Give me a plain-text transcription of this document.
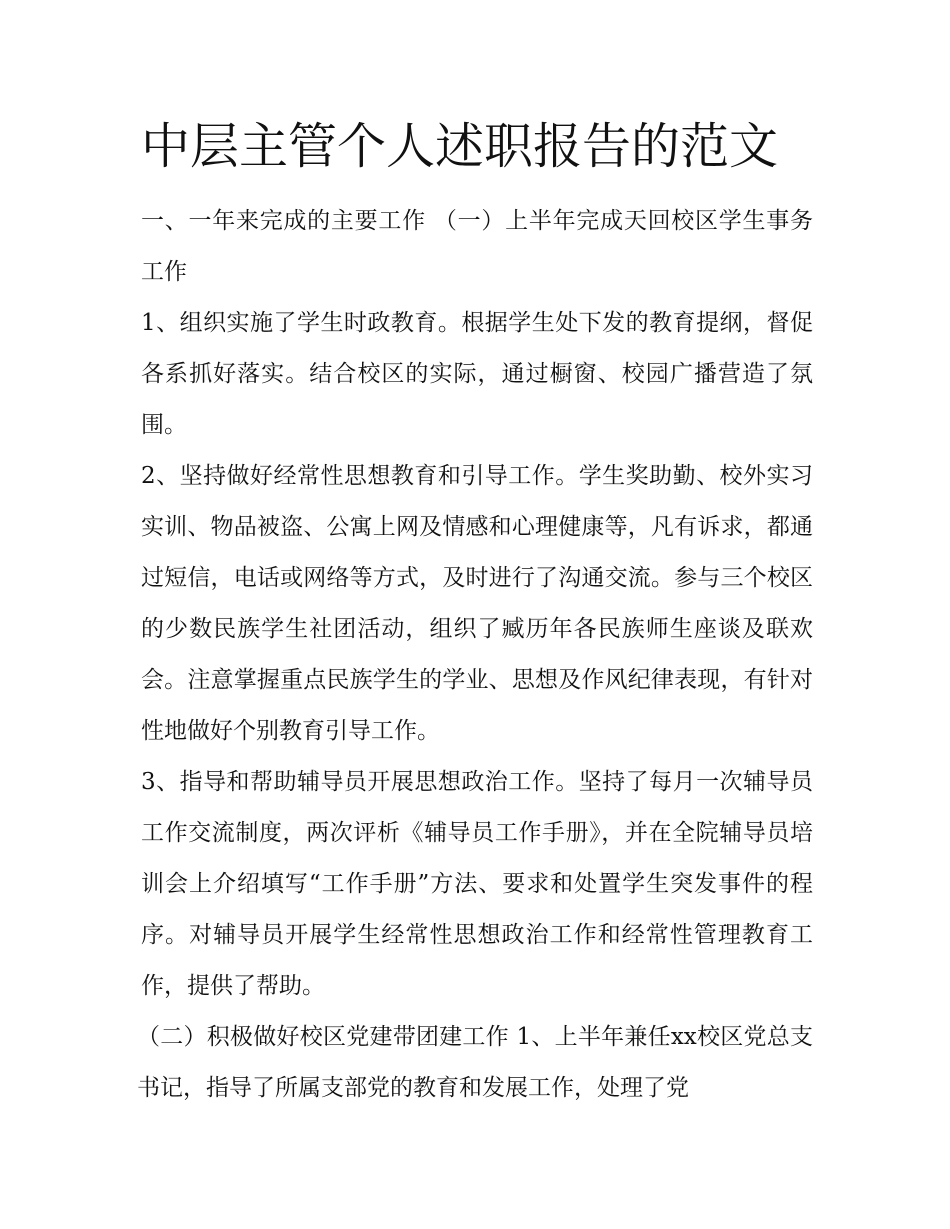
中层主管个人述职报告的范文

一、一年来完成的主要工作 （一）上半年完成天回校区学生事务工作

1、组织实施了学生时政教育。根据学生处下发的教育提纲，督促各系抓好落实。结合校区的实际，通过橱窗、校园广播营造了氛围。

2、坚持做好经常性思想教育和引导工作。学生奖助勤、校外实习实训、物品被盗、公寓上网及情感和心理健康等，凡有诉求，都通过短信，电话或网络等方式，及时进行了沟通交流。参与三个校区的少数民族学生社团活动，组织了臧历年各民族师生座谈及联欢会。注意掌握重点民族学生的学业、思想及作风纪律表现，有针对性地做好个别教育引导工作。

3、指导和帮助辅导员开展思想政治工作。坚持了每月一次辅导员工作交流制度，两次评析《辅导员工作手册》，并在全院辅导员培训会上介绍填写“工作手册”方法、要求和处置学生突发事件的程序。对辅导员开展学生经常性思想政治工作和经常性管理教育工作，提供了帮助。

（二）积极做好校区党建带团建工作 1、上半年兼任xx校区党总支书记，指导了所属支部党的教育和发展工作，处理了党
